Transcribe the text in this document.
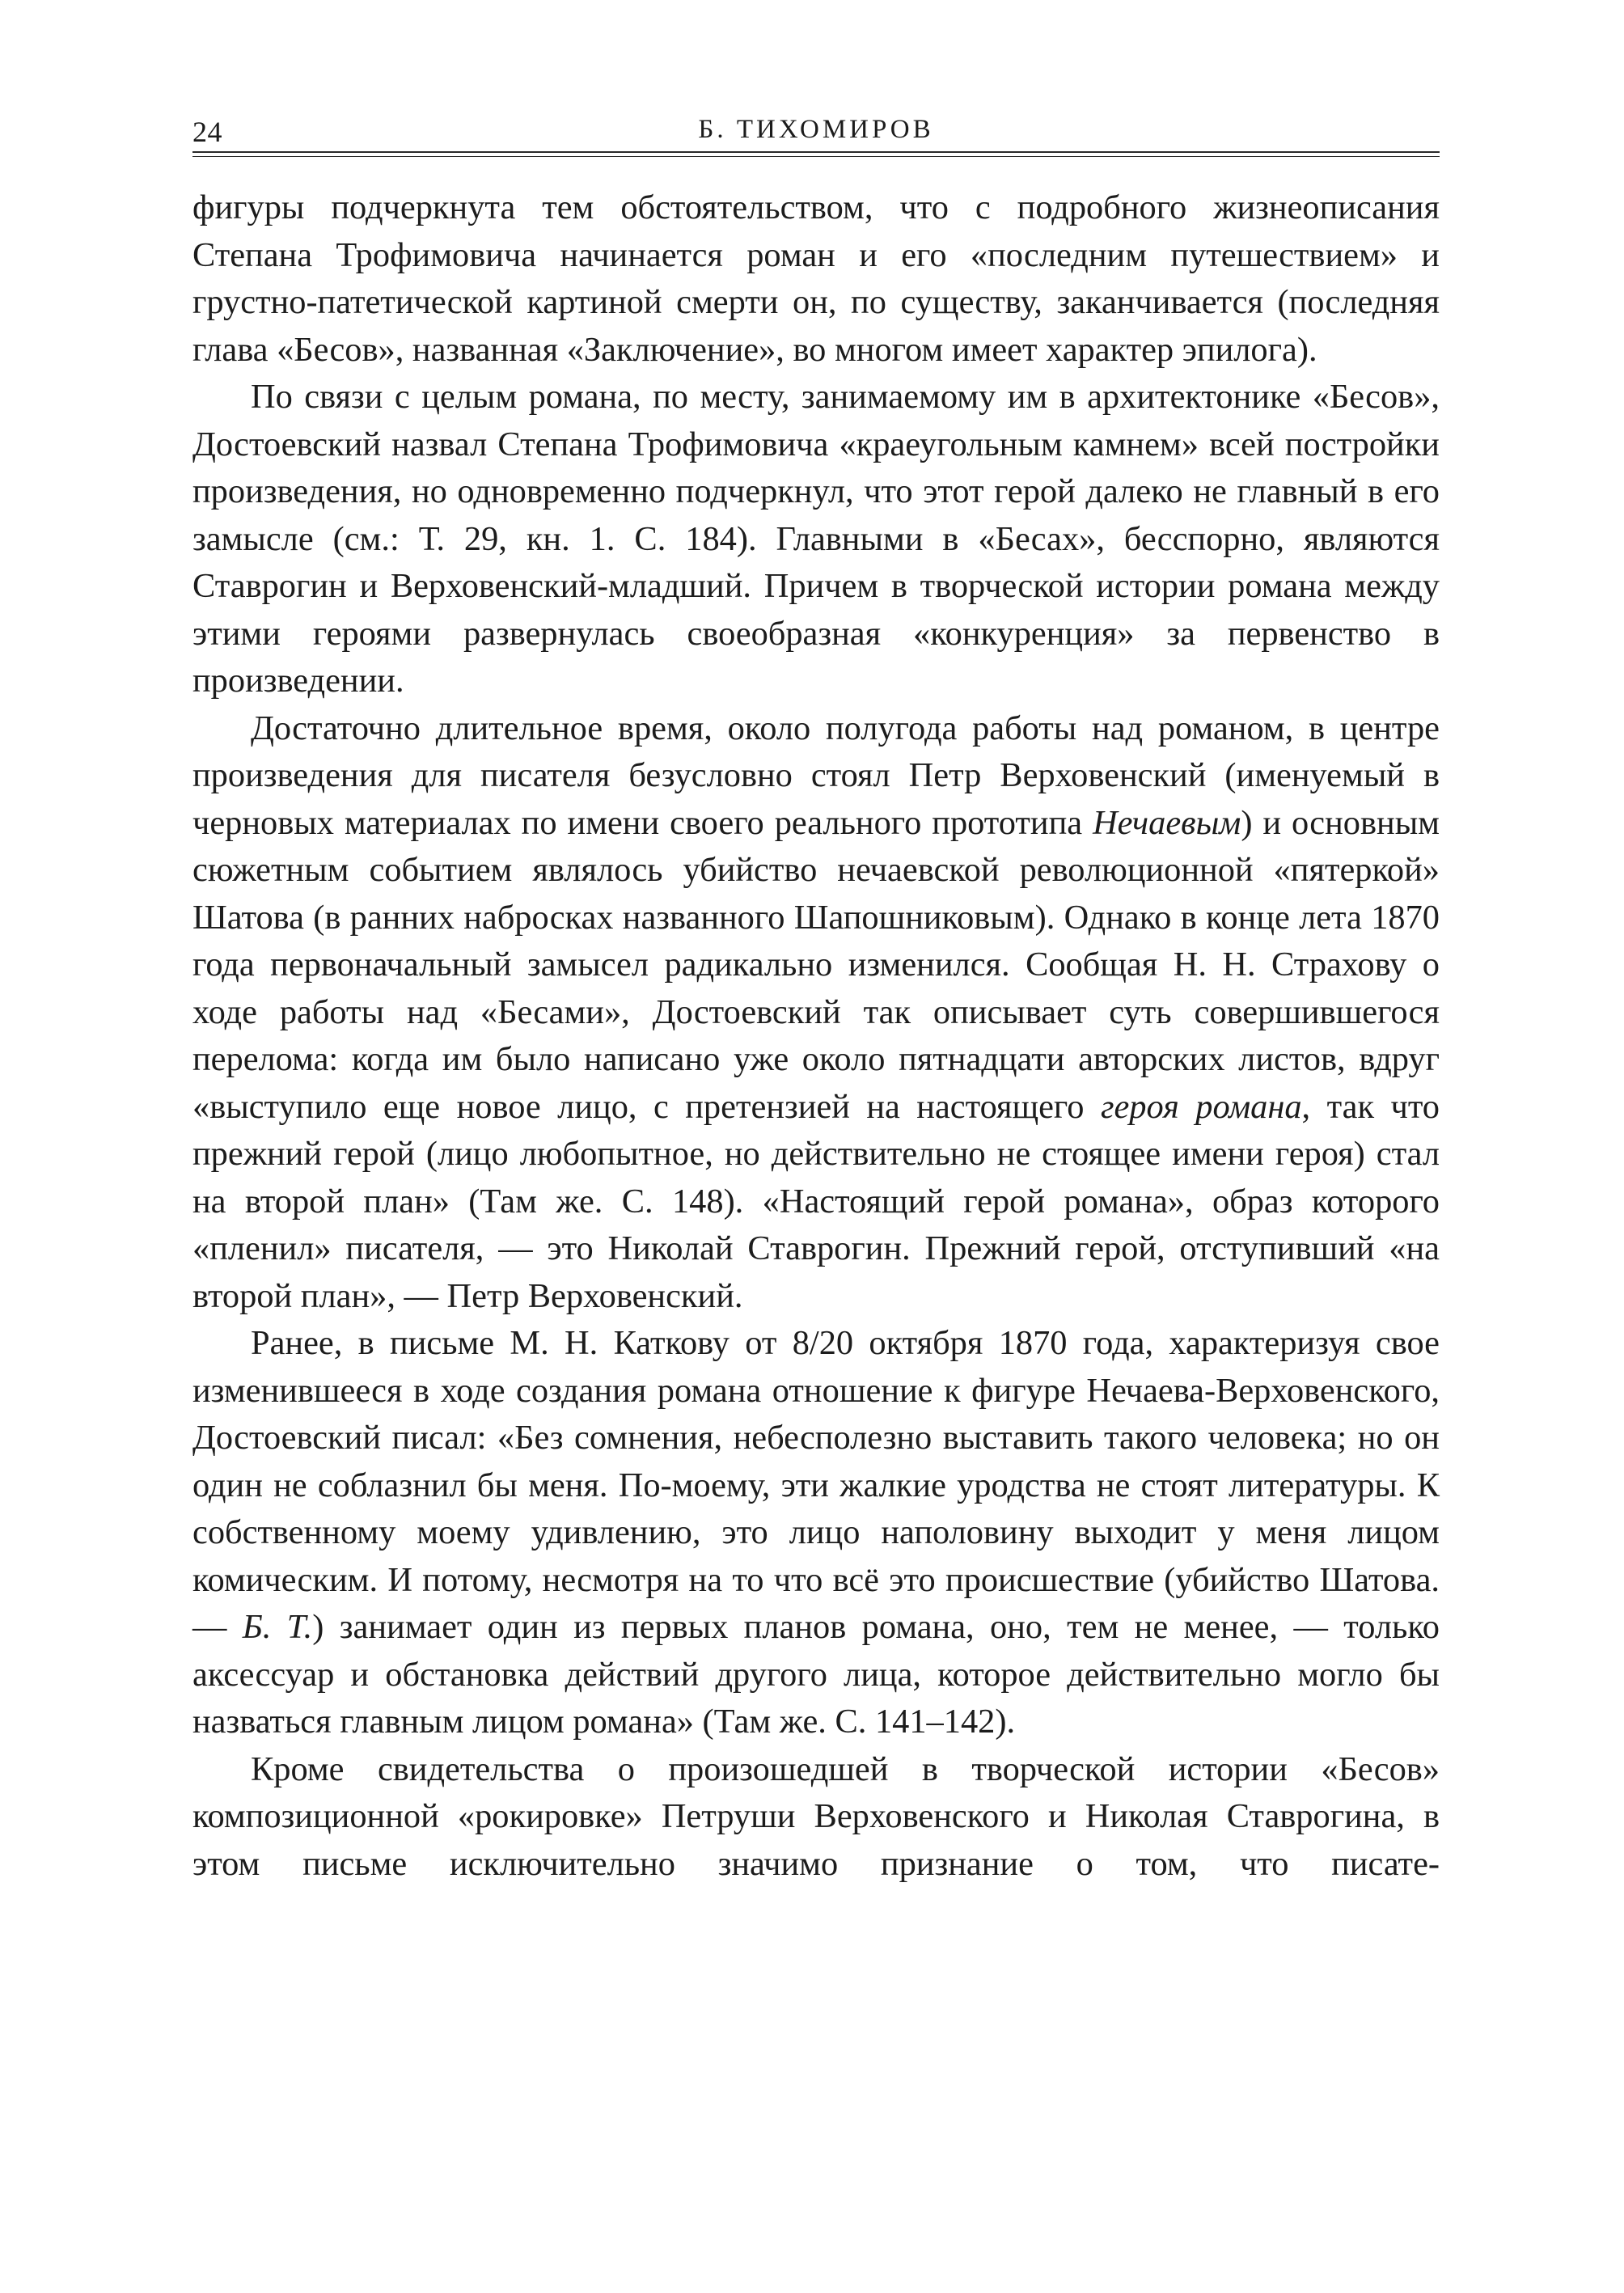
24	Б. ТИХОМИРОВ

фигуры подчеркнута тем обстоятельством, что с подробного жизнеописания Степана Трофимовича начинается роман и его «последним путешествием» и грустно-патетической картиной смерти он, по существу, заканчивается (последняя глава «Бесов», названная «Заключение», во многом имеет характер эпилога).

По связи с целым романа, по месту, занимаемому им в архитектонике «Бесов», Достоевский назвал Степана Трофимовича «краеугольным камнем» всей постройки произведения, но одновременно подчеркнул, что этот герой далеко не главный в его замысле (см.: Т. 29, кн. 1. С. 184). Главными в «Бесах», бесспорно, являются Ставрогин и Верховенский-младший. Причем в творческой истории романа между этими героями развернулась своеобразная «конкуренция» за первенство в произведении.

Достаточно длительное время, около полугода работы над романом, в центре произведения для писателя безусловно стоял Петр Верховенский (именуемый в черновых материалах по имени своего реального прототипа Нечаевым) и основным сюжетным событием являлось убийство нечаевской революционной «пятеркой» Шатова (в ранних набросках названного Шапошниковым). Однако в конце лета 1870 года первоначальный замысел радикально изменился. Сообщая Н. Н. Страхову о ходе работы над «Бесами», Достоевский так описывает суть совершившегося перелома: когда им было написано уже около пятнадцати авторских листов, вдруг «выступило еще новое лицо, с претензией на настоящего героя романа, так что прежний герой (лицо любопытное, но действительно не стоящее имени героя) стал на второй план» (Там же. С. 148). «Настоящий герой романа», образ которого «пленил» писателя, — это Николай Ставрогин. Прежний герой, отступивший «на второй план», — Петр Верховенский.

Ранее, в письме М. Н. Каткову от 8/20 октября 1870 года, характеризуя свое изменившееся в ходе создания романа отношение к фигуре Нечаева-Верховенского, Достоевский писал: «Без сомнения, небесполезно выставить такого человека; но он один не соблазнил бы меня. По-моему, эти жалкие уродства не стоят литературы. К собственному моему удивлению, это лицо наполовину выходит у меня лицом комическим. И потому, несмотря на то что всё это происшествие (убийство Шатова. — Б. Т.) занимает один из первых планов романа, оно, тем не менее, — только аксессуар и обстановка действий другого лица, которое действительно могло бы назваться главным лицом романа» (Там же. С. 141–142).

Кроме свидетельства о произошедшей в творческой истории «Бесов» композиционной «рокировке» Петруши Верховенского и Николая Ставрогина, в этом письме исключительно значимо признание о том, что писате-
